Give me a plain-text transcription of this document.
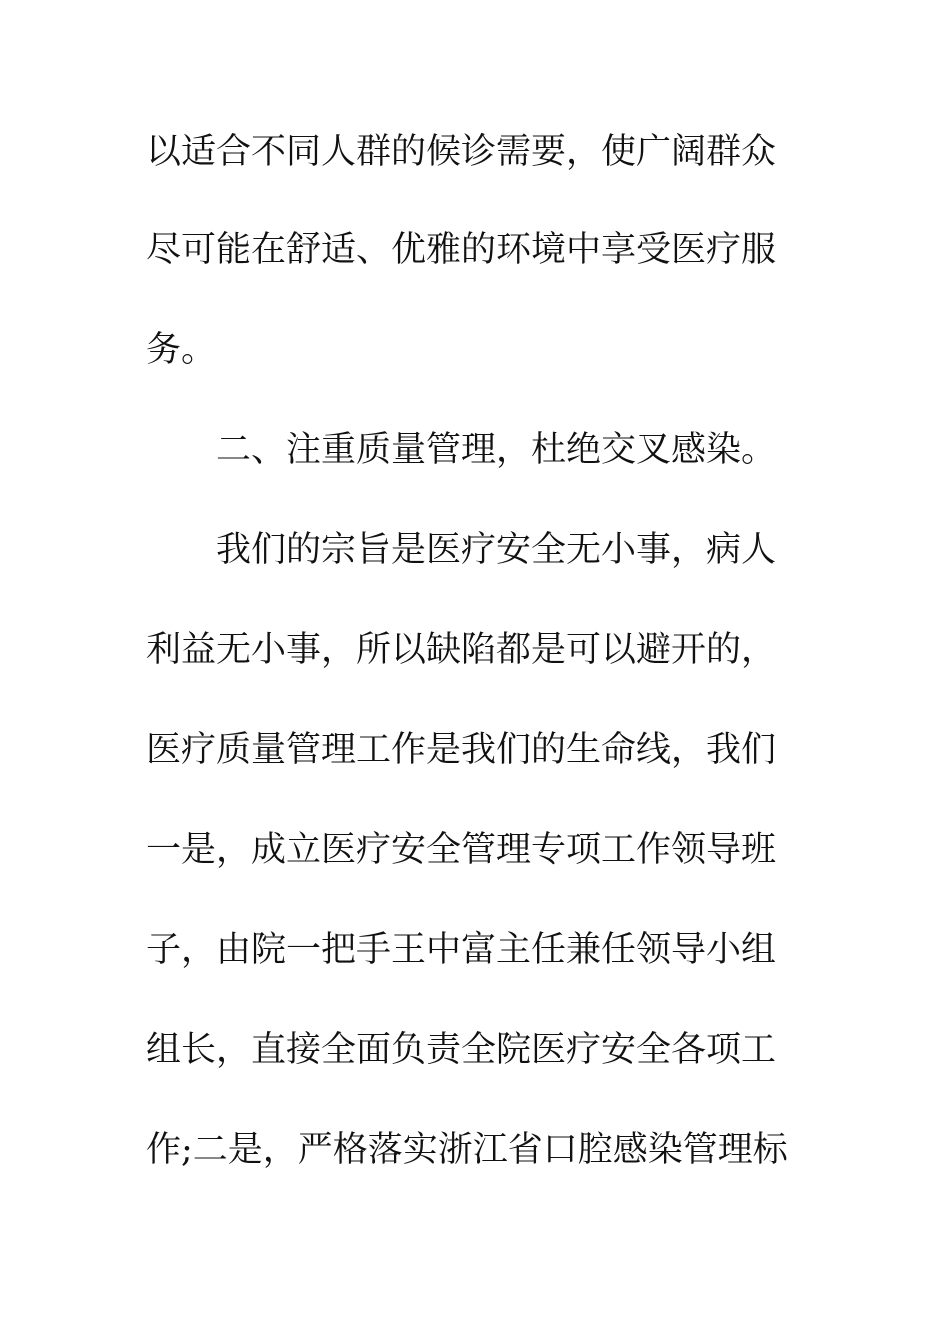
以适合不同人群的候诊需要，使广阔群众
尽可能在舒适、优雅的环境中享受医疗服
务。
二、注重质量管理，杜绝交叉感染。
我们的宗旨是医疗安全无小事，病人
利益无小事，所以缺陷都是可以避开的，
医疗质量管理工作是我们的生命线，我们
一是，成立医疗安全管理专项工作领导班
子，由院一把手王中富主任兼任领导小组
组长，直接全面负责全院医疗安全各项工
作;二是，严格落实浙江省口腔感染管理标
